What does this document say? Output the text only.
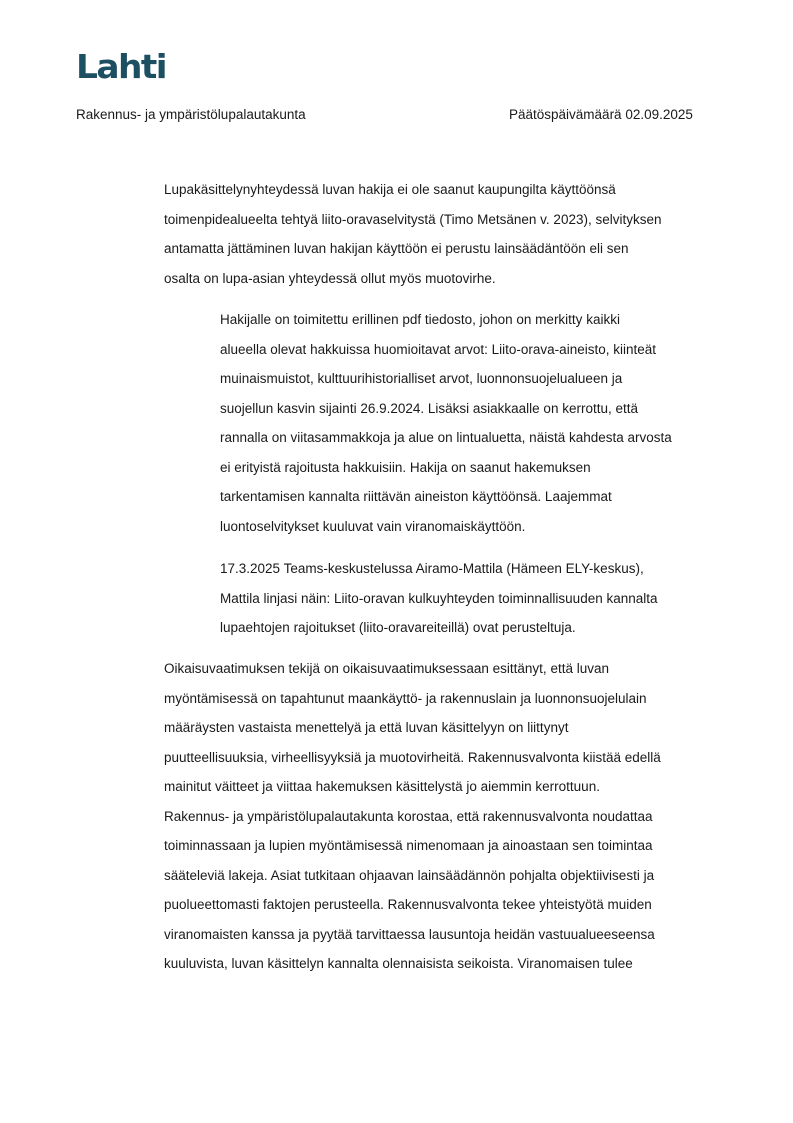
Lahti
Rakennus- ja ympäristölupalautakunta	Päätöspäivämäärä 02.09.2025
Lupakäsittelynyhteydessä luvan hakija ei ole saanut kaupungilta käyttöönsä
toimenpidealueelta tehtyä liito-oravaselvitystä (Timo Metsänen v. 2023), selvityksen
antamatta jättäminen luvan hakijan käyttöön ei perustu lainsäädäntöön eli sen
osalta on lupa-asian yhteydessä ollut myös muotovirhe.
Hakijalle on toimitettu erillinen pdf tiedosto, johon on merkitty kaikki
alueella olevat hakkuissa huomioitavat arvot: Liito-orava-aineisto, kiinteät
muinaismuistot, kulttuurihistorialliset arvot, luonnonsuojelualueen ja
suojellun kasvin sijainti 26.9.2024. Lisäksi asiakkaalle on kerrottu, että
rannalla on viitasammakkoja ja alue on lintualuetta, näistä kahdesta arvosta
ei erityistä rajoitusta hakkuisiin. Hakija on saanut hakemuksen
tarkentamisen kannalta riittävän aineiston käyttöönsä. Laajemmat
luontoselvitykset kuuluvat vain viranomaiskäyttöön.
17.3.2025 Teams-keskustelussa Airamo-Mattila (Hämeen ELY-keskus),
Mattila linjasi näin: Liito-oravan kulkuyhteyden toiminnallisuuden kannalta
lupaehtojen rajoitukset (liito-oravareiteillä) ovat perusteltuja.
Oikaisuvaatimuksen tekijä on oikaisuvaatimuksessaan esittänyt, että luvan
myöntämisessä on tapahtunut maankäyttö- ja rakennuslain ja luonnonsuojelulain
määräysten vastaista menettelyä ja että luvan käsittelyyn on liittynyt
puutteellisuuksia, virheellisyyksiä ja muotovirheitä. Rakennusvalvonta kiistää edellä
mainitut väitteet ja viittaa hakemuksen käsittelystä jo aiemmin kerrottuun.
Rakennus- ja ympäristölupalautakunta korostaa, että rakennusvalvonta noudattaa
toiminnassaan ja lupien myöntämisessä nimenomaan ja ainoastaan sen toimintaa
sääteleviä lakeja. Asiat tutkitaan ohjaavan lainsäädännön pohjalta objektiivisesti ja
puolueettomasti faktojen perusteella. Rakennusvalvonta tekee yhteistyötä muiden
viranomaisten kanssa ja pyytää tarvittaessa lausuntoja heidän vastuualueeseensa
kuuluvista, luvan käsittelyn kannalta olennaisista seikoista. Viranomaisen tulee
